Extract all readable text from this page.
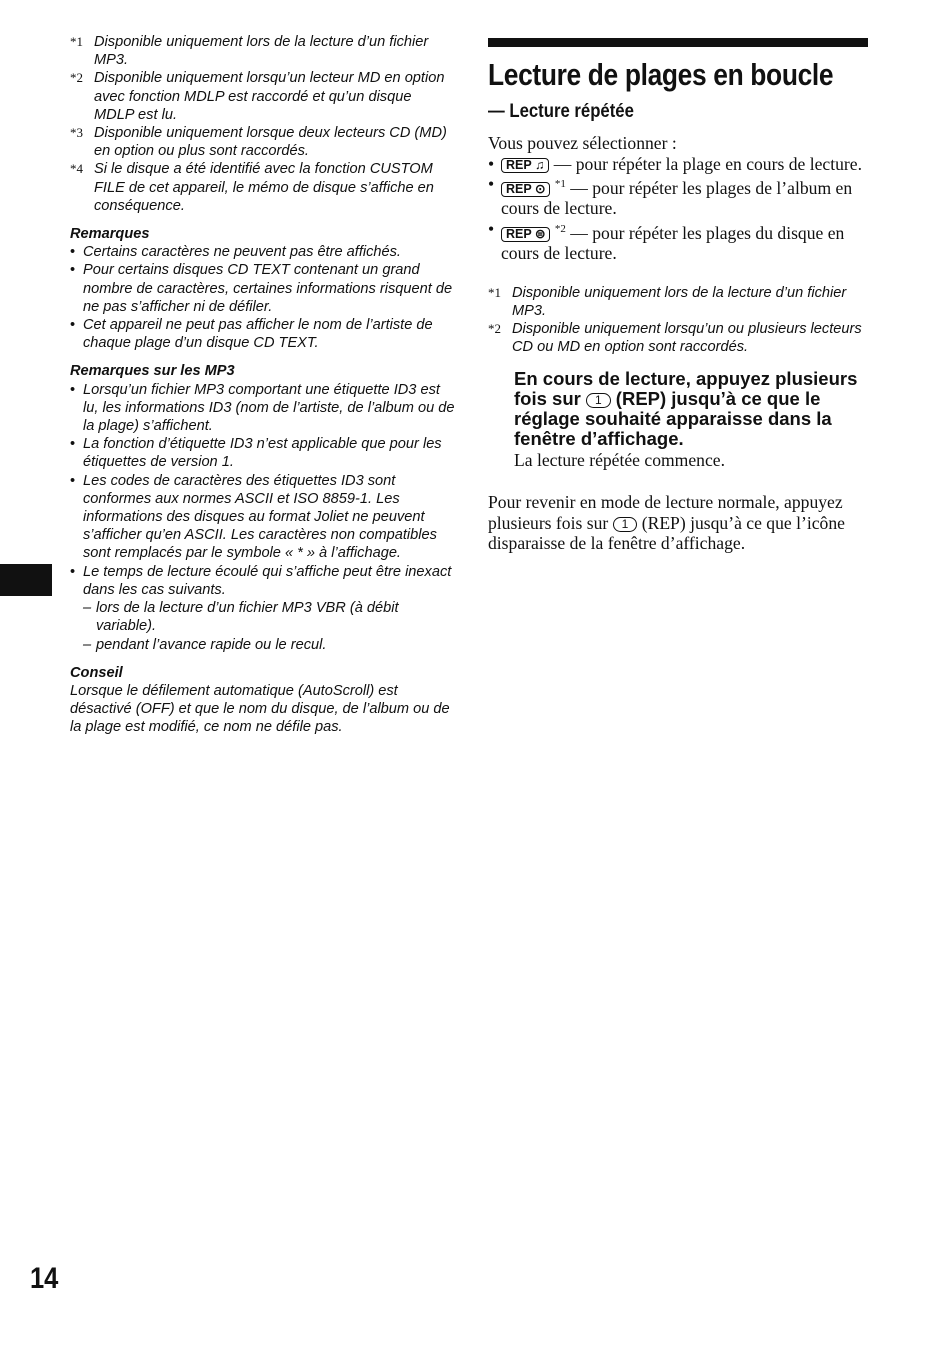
*1 Disponible uniquement lors de la lecture d’un fichier MP3.
*2 Disponible uniquement lorsqu’un lecteur MD en option avec fonction MDLP est raccordé et qu’un disque MDLP est lu.
*3 Disponible uniquement lorsque deux lecteurs CD (MD) en option ou plus sont raccordés.
*4 Si le disque a été identifié avec la fonction CUSTOM FILE de cet appareil, le mémo de disque s’affiche en conséquence.
Remarques
• Certains caractères ne peuvent pas être affichés.
• Pour certains disques CD TEXT contenant un grand nombre de caractères, certaines informations risquent de ne pas s’afficher ni de défiler.
• Cet appareil ne peut pas afficher le nom de l’artiste de chaque plage d’un disque CD TEXT.
Remarques sur les MP3
• Lorsqu’un fichier MP3 comportant une étiquette ID3 est lu, les informations ID3 (nom de l’artiste, de l’album ou de la plage) s’affichent.
• La fonction d’étiquette ID3 n’est applicable que pour les étiquettes de version 1.
• Les codes de caractères des étiquettes ID3 sont conformes aux normes ASCII et ISO 8859-1. Les informations des disques au format Joliet ne peuvent s’afficher qu’en ASCII. Les caractères non compatibles sont remplacés par le symbole « * » à l’affichage.
• Le temps de lecture écoulé qui s’affiche peut être inexact dans les cas suivants.
– lors de la lecture d’un fichier MP3 VBR (à débit variable).
– pendant l’avance rapide ou le recul.
Conseil
Lorsque le défilement automatique (AutoScroll) est désactivé (OFF) et que le nom du disque, de l’album ou de la plage est modifié, ce nom ne défile pas.
Lecture de plages en boucle
— Lecture répétée
Vous pouvez sélectionner :
• REP ♫ — pour répéter la plage en cours de lecture.
• REP ⊙ $^{*1}$ — pour répéter les plages de l’album en cours de lecture.
• REP ⊜ $^{*2}$ — pour répéter les plages du disque en cours de lecture.
*1 Disponible uniquement lors de la lecture d’un fichier MP3.
*2 Disponible uniquement lorsqu’un ou plusieurs lecteurs CD ou MD en option sont raccordés.
En cours de lecture, appuyez plusieurs fois sur 1 (REP) jusqu’à ce que le réglage souhaité apparaisse dans la fenêtre d’affichage.
La lecture répétée commence.
Pour revenir en mode de lecture normale, appuyez plusieurs fois sur 1 (REP) jusqu’à ce que l’icône disparaisse de la fenêtre d’affichage.
14
